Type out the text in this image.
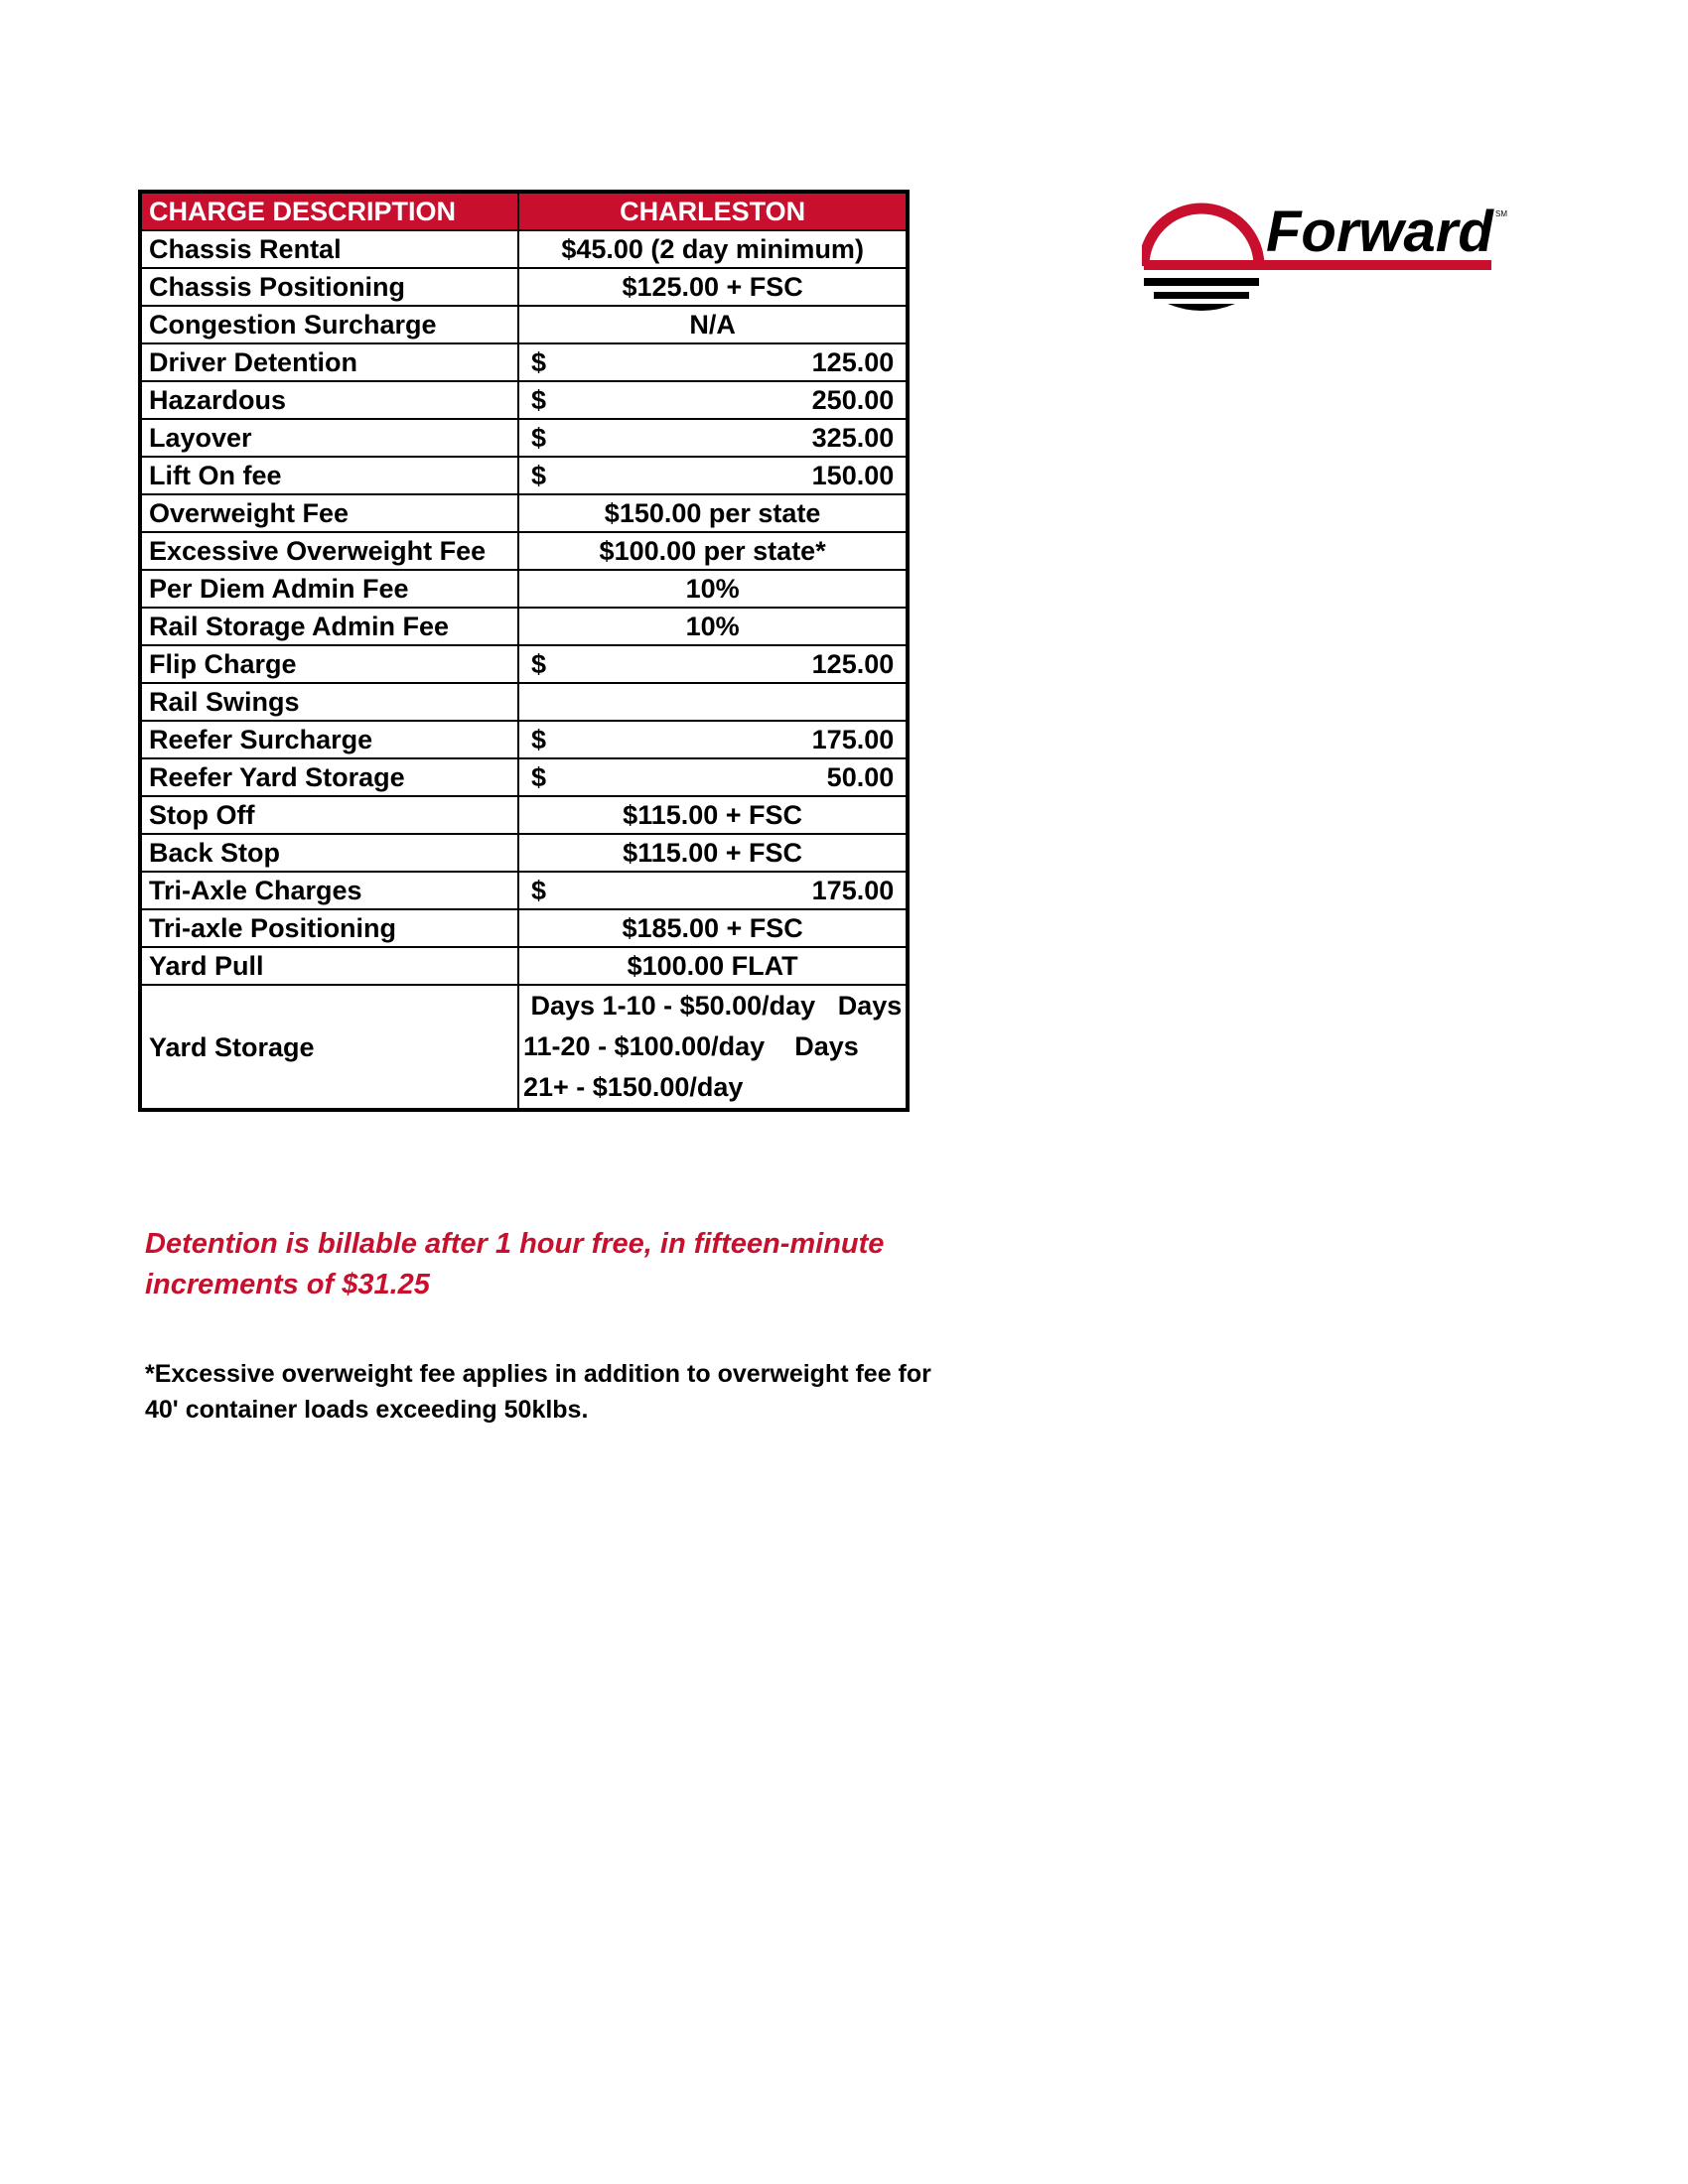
CHARGE DESCRIPTION	CHARLESTON
Chassis Rental	$45.00 (2 day minimum)
Chassis Positioning	$125.00 + FSC
Congestion Surcharge	N/A
Driver Detention	$ 125.00

Hazardous	$ 250.00

Layover	$ 325.00

Lift On fee	$ 150.00

Overweight Fee	$150.00 per state
Excessive Overweight Fee	$100.00 per state*
Per Diem Admin Fee	10%
Rail Storage Admin Fee	10%
Flip Charge	$ 125.00

Rail Swings	
Reefer Surcharge	$ 175.00

Reefer Yard Storage	$ 50.00

Stop Off	$115.00 + FSC
Back Stop	$115.00 + FSC
Tri-Axle Charges	$ 175.00

Tri-axle Positioning	$185.00 + FSC
Yard Pull	$100.00 FLAT
Yard Storage	Days 1-10 - $50.00/day   Days
11-20 - $100.00/day    Days
21+ - $150.00/day
Forward SM
Detention is billable after 1 hour free, in fifteen-minute increments of $31.25
*Excessive overweight fee applies in addition to overweight fee for 40' container loads exceeding 50klbs.
